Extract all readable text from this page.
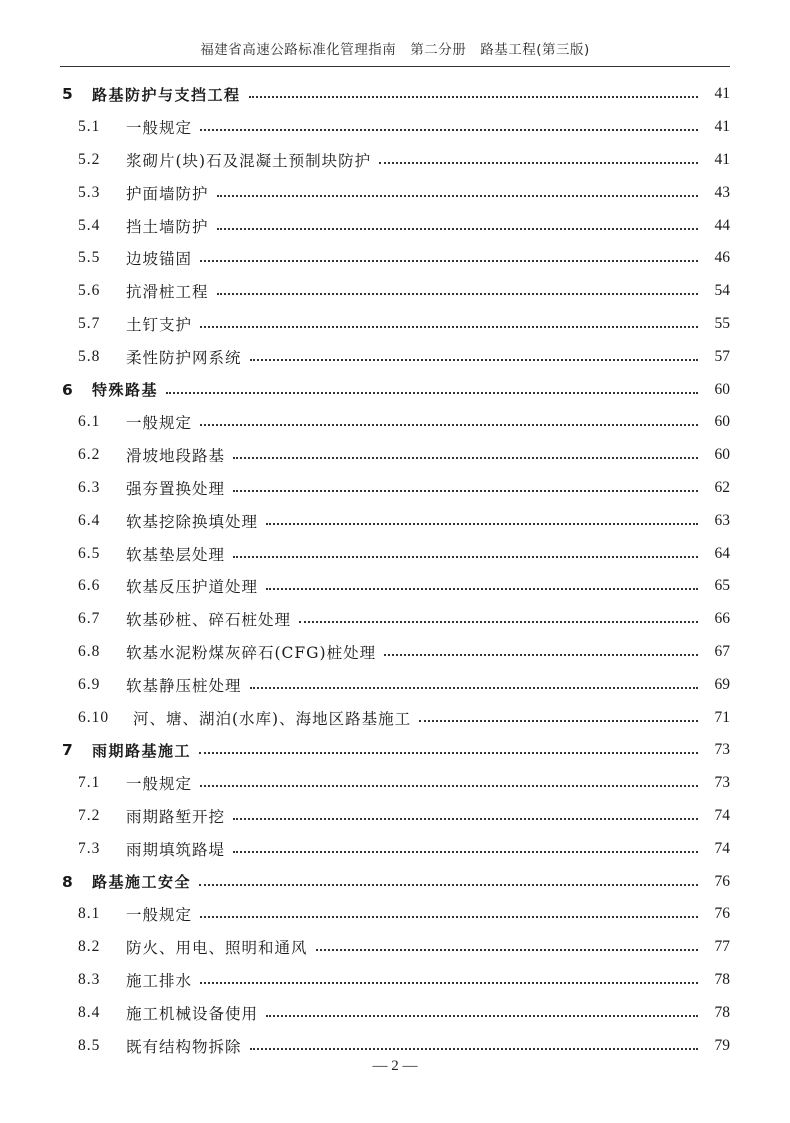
福建省高速公路标准化管理指南　第二分册　路基工程(第三版)
5	路基防护与支挡工程	41
5.1	一般规定	41
5.2	浆砌片(块)石及混凝土预制块防护	41
5.3	护面墙防护	43
5.4	挡土墙防护	44
5.5	边坡锚固	46
5.6	抗滑桩工程	54
5.7	土钉支护	55
5.8	柔性防护网系统	57
6	特殊路基	60
6.1	一般规定	60
6.2	滑坡地段路基	60
6.3	强夯置换处理	62
6.4	软基挖除换填处理	63
6.5	软基垫层处理	64
6.6	软基反压护道处理	65
6.7	软基砂桩、碎石桩处理	66
6.8	软基水泥粉煤灰碎石(CFG)桩处理	67
6.9	软基静压桩处理	69
6.10	河、塘、湖泊(水库)、海地区路基施工	71
7	雨期路基施工	73
7.1	一般规定	73
7.2	雨期路堑开挖	74
7.3	雨期填筑路堤	74
8	路基施工安全	76
8.1	一般规定	76
8.2	防火、用电、照明和通风	77
8.3	施工排水	78
8.4	施工机械设备使用	78
8.5	既有结构物拆除	79
— 2 —
